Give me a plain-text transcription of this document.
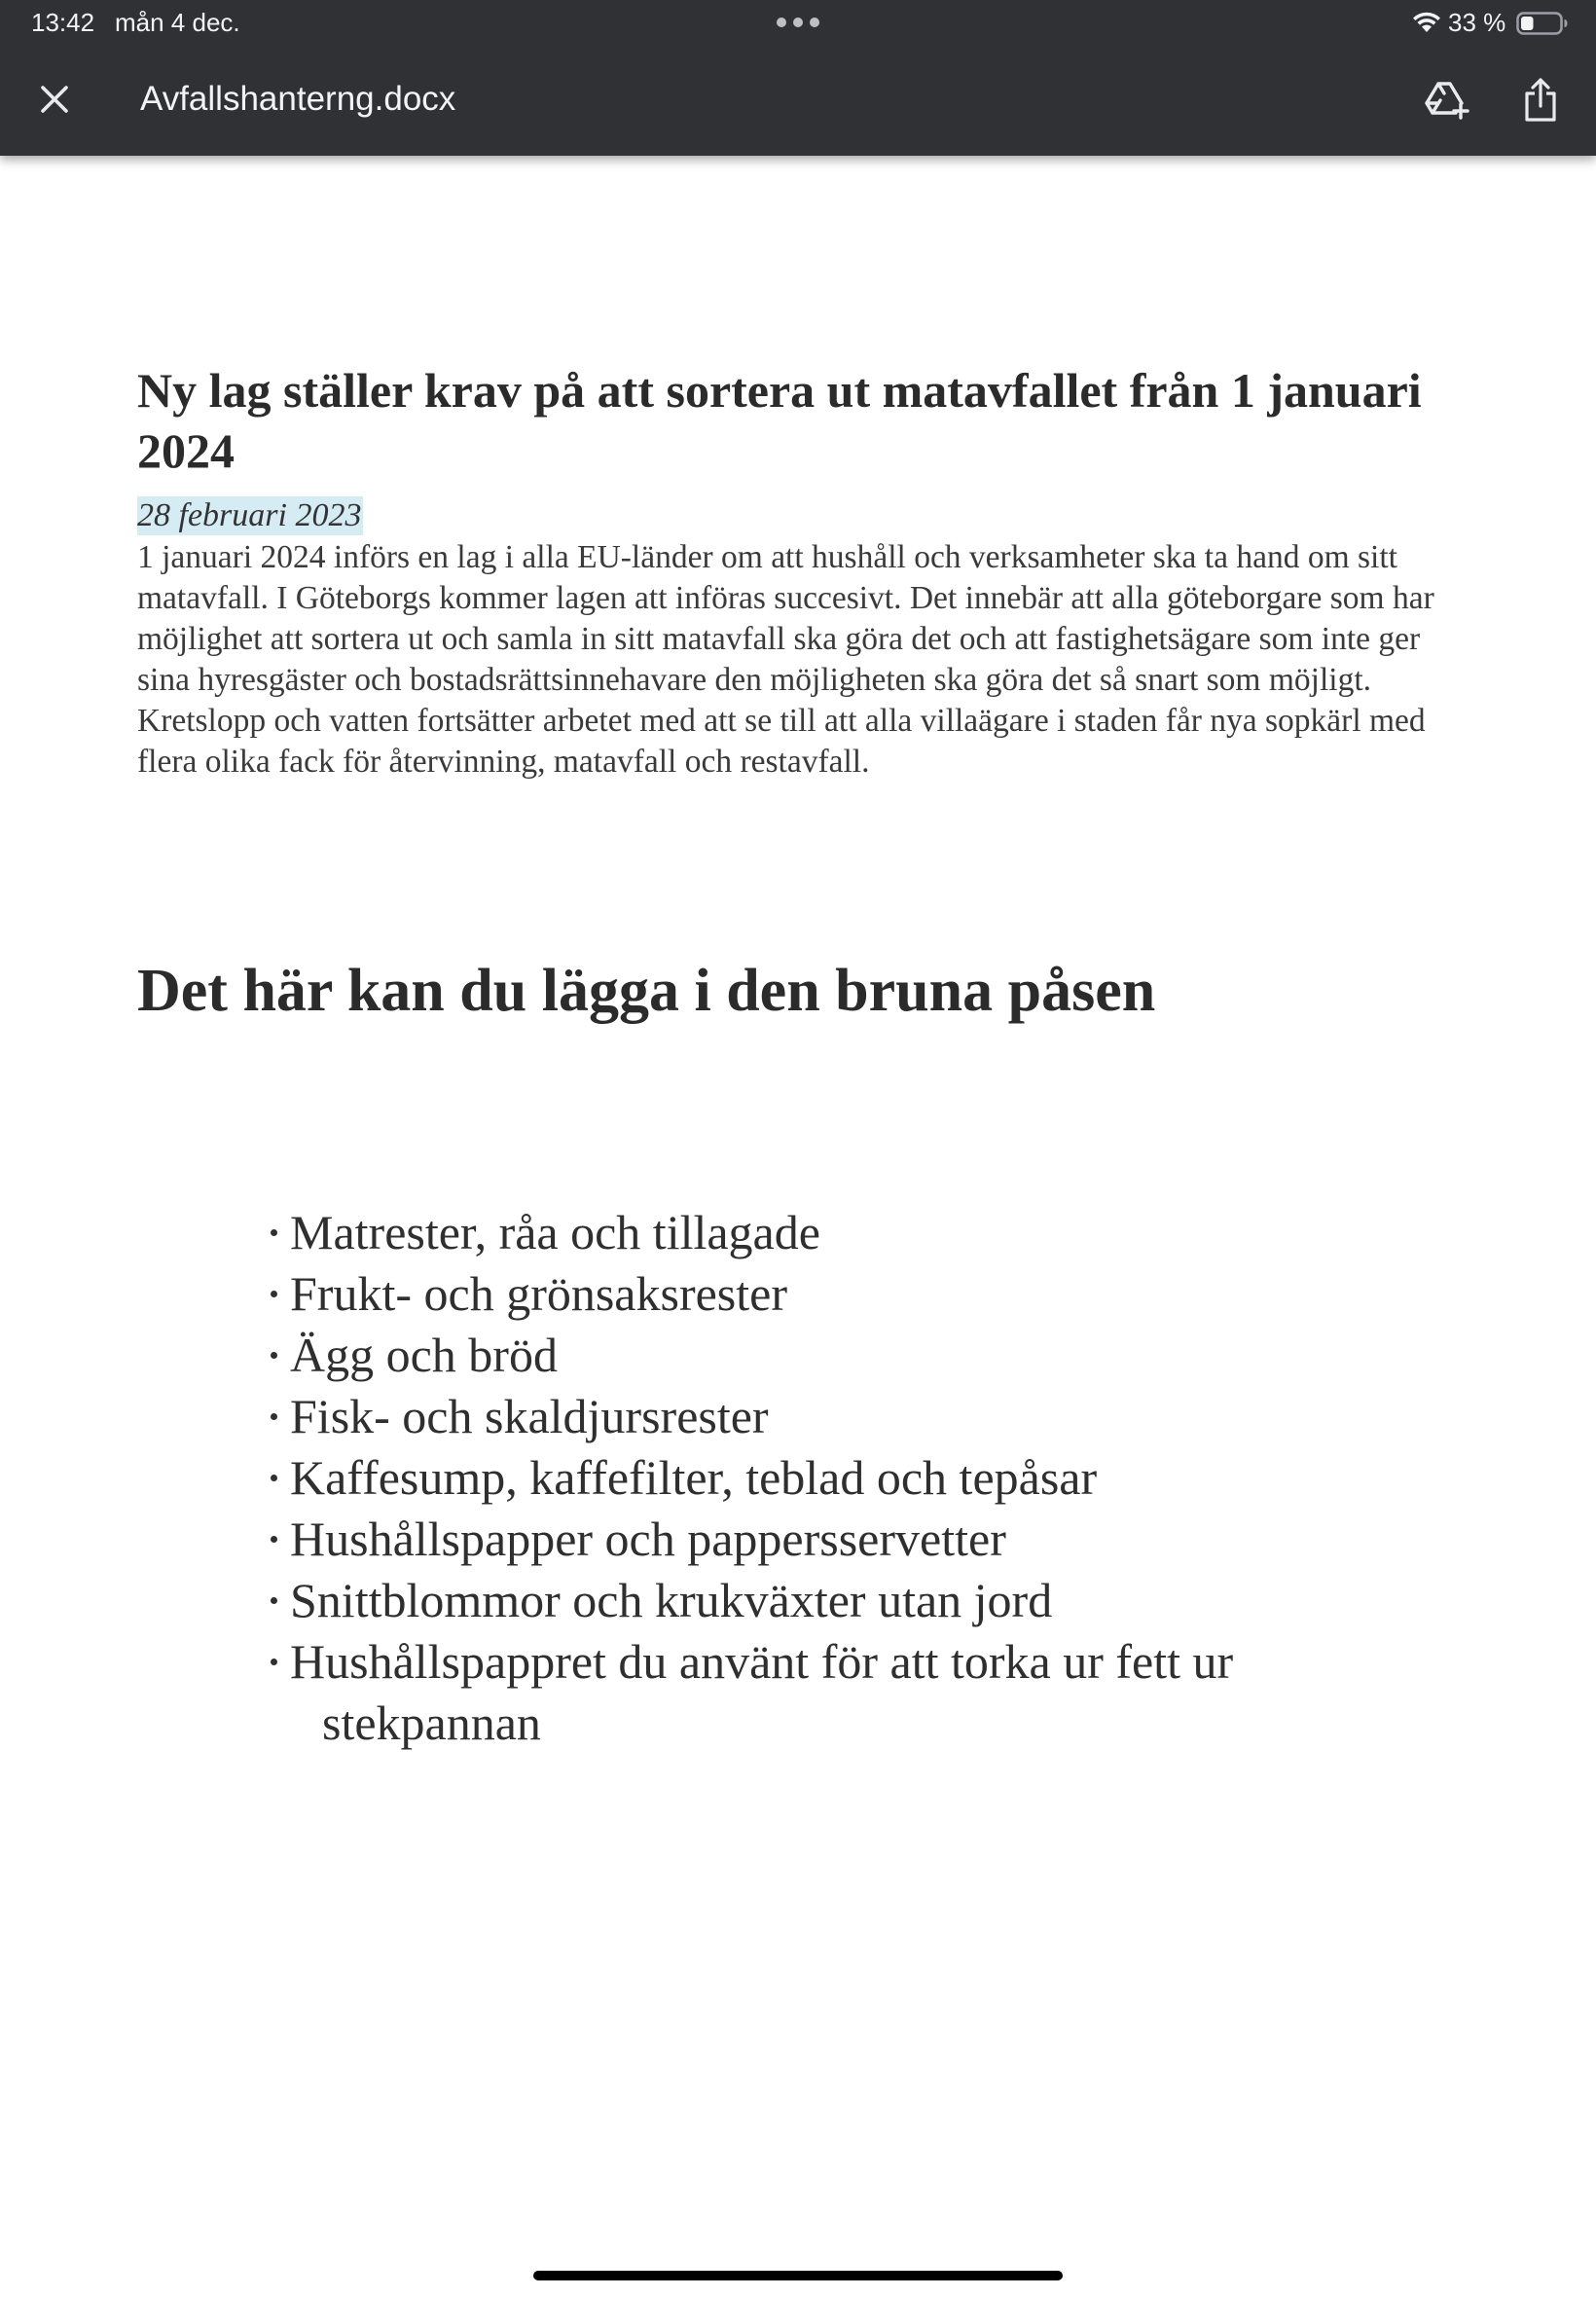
13:42 mån 4 dec.	33 %
Avfallshanterng.docx
Ny lag ställer krav på att sortera ut matavfallet från 1 januari 2024

28 februari 2023

1 januari 2024 införs en lag i alla EU-länder om att hushåll och verksamheter ska ta hand om sitt matavfall. I Göteborgs kommer lagen att införas succesivt. Det innebär att alla göteborgare som har möjlighet att sortera ut och samla in sitt matavfall ska göra det och att fastighetsägare som inte ger sina hyresgäster och bostadsrättsinnehavare den möjligheten ska göra det så snart som möjligt. Kretslopp och vatten fortsätter arbetet med att se till att alla villaägare i staden får nya sopkärl med flera olika fack för återvinning, matavfall och restavfall.

Det här kan du lägga i den bruna påsen
Matrester, råa och tillagade
Frukt- och grönsaksrester
Ägg och bröd
Fisk- och skaldjursrester
Kaffesump, kaffefilter, teblad och tepåsar
Hushållspapper och pappersservetter
Snittblommor och krukväxter utan jord
Hushållspappret du använt för att torka ur fett ur stekpannan
